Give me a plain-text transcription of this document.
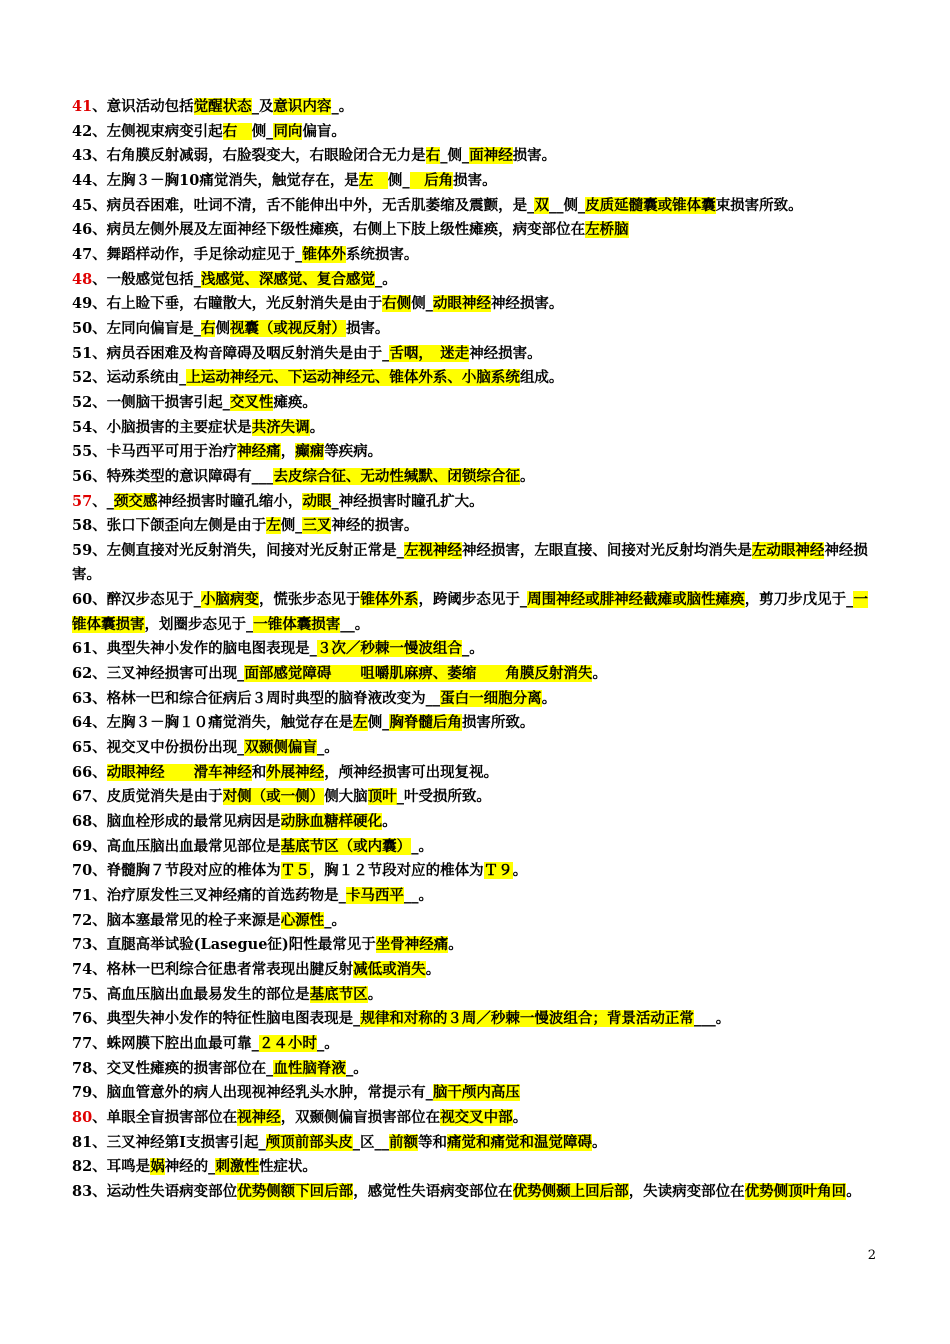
41、意识活动包括觉醒状态_及意识内容_。
42、左侧视束病变引起右　侧_同向偏盲。
43、右角膜反射减弱，右脸裂变大，右眼睑闭合无力是右_侧_面神经损害。
44、左胸３－胸10痛觉消失，触觉存在，是左　侧_　后角损害。
45、病员吞困难，吐词不清，舌不能伸出中外，无舌肌萎缩及震颤，是_双__侧_皮质延髓囊或锥体囊束损害所致。
46、病员左侧外展及左面神经下级性瘫痪，右侧上下肢上级性瘫痪，病变部位在左桥脑
47、舞蹈样动作，手足徐动症见于_锥体外系统损害。
48、一般感觉包括_浅感觉、深感觉、复合感觉_。
49、右上睑下垂，右瞳散大，光反射消失是由于右侧侧_动眼神经神经损害。
50、左同向偏盲是_右侧视囊（或视反射）损害。
51、病员吞困难及构音障碍及咽反射消失是由于_舌咽，　迷走神经损害。
52、运动系统由_上运动神经元、下运动神经元、锥体外系、小脑系统组成。
52、一侧脑干损害引起_交叉性瘫痪。
54、小脑损害的主要症状是共济失调。
55、卡马西平可用于治疗神经痛，癫痫等疾病。
56、特殊类型的意识障碍有___去皮综合征、无动性缄默、闭锁综合征。
57、_颈交感神经损害时瞳孔缩小，动眼_神经损害时瞳孔扩大。
58、张口下颌歪向左侧是由于左侧_三叉神经的损害。
59、左侧直接对光反射消失，间接对光反射正常是_左视神经神经损害，左眼直接、间接对光反射均消失是左动眼神经神经损害。
60、醉汉步态见于_小脑病变，慌张步态见于锥体外系，跨阈步态见于_周围神经或腓神经截瘫或脑性瘫痪，剪刀步戊见于_一锥体囊损害，划圈步态见于_一锥体囊损害__。
61、典型失神小发作的脑电图表现是_３次／秒棘一慢波组合_。
62、三叉神经损害可出现_面部感觉障碍　　咀嚼肌麻痹、萎缩　　角膜反射消失。
63、格林一巴和综合征病后３周时典型的脑脊液改变为__蛋白一细胞分离。
64、左胸３－胸１０痛觉消失，触觉存在是左侧_胸脊髓后角损害所致。
65、视交叉中份损份出现_双颞侧偏盲_。
66、动眼神经　　滑车神经和外展神经，颅神经损害可出现复视。
67、皮质觉消失是由于对侧（或一侧）侧大脑顶叶_叶受损所致。
68、脑血栓形成的最常见病因是动脉血糖样硬化。
69、高血压脑出血最常见部位是基底节区（或内囊）_。
70、脊髓胸７节段对应的椎体为Ｔ５，胸１２节段对应的椎体为Ｔ９。
71、治疗原发性三叉神经痛的首选药物是_卡马西平__。
72、脑本塞最常见的栓子来源是心源性_。
73、直腿高举试验(Lasegue征)阳性最常见于坐骨神经痛。
74、格林一巴利综合征患者常表现出腱反射减低或消失。
75、高血压脑出血最易发生的部位是基底节区。
76、典型失神小发作的特征性脑电图表现是_规律和对称的３周／秒棘一慢波组合；背景活动正常___。
77、蛛网膜下腔出血最可靠_２４小时_。
78、交叉性瘫痪的损害部位在_血性脑脊液_。
79、脑血管意外的病人出现视神经乳头水肿，常提示有_脑干颅内高压
80、单眼全盲损害部位在视神经，双颞侧偏盲损害部位在视交叉中部。
81、三叉神经第Ⅰ支损害引起_颅顶前部头皮_区__前额等和痛觉和痛觉和温觉障碍。
82、耳鸣是娲神经的_刺激性性症状。
83、运动性失语病变部位优势侧额下回后部，感觉性失语病变部位在优势侧颞上回后部，失读病变部位在优势侧顶叶角回。
2
